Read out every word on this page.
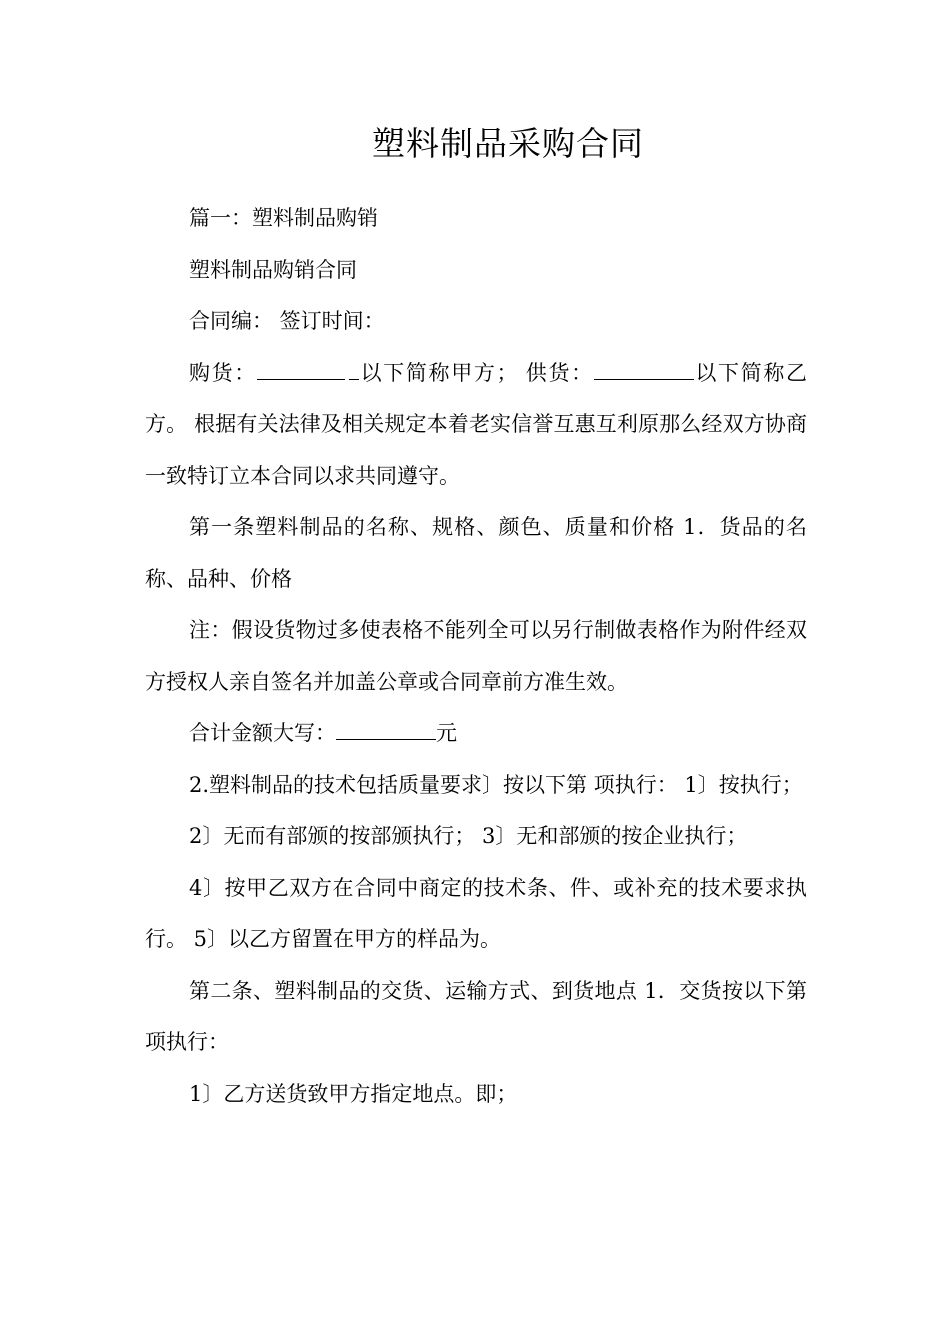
塑料制品采购合同

篇一：塑料制品购销

塑料制品购销合同

合同编： 签订时间：

购货：	以下简称甲方； 供货：	以下简称乙方。 根据有关法律及相关规定本着老实信誉互惠互利原那么经双方协商一致特订立本合同以求共同遵守。

第一条塑料制品的名称、规格、颜色、质量和价格 1．货品的名称、品种、价格

注：假设货物过多使表格不能列全可以另行制做表格作为附件经双方授权人亲自签名并加盖公章或合同章前方准生效。

合计金额大写：	元

2.塑料制品的技术包括质量要求〕按以下第 项执行： 1〕按执行；

2〕无而有部颁的按部颁执行； 3〕无和部颁的按企业执行；

4〕按甲乙双方在合同中商定的技术条、件、或补充的技术要求执行。 5〕以乙方留置在甲方的样品为。

第二条、塑料制品的交货、运输方式、到货地点 1．交货按以下第 项执行：

1〕乙方送货致甲方指定地点。即；
